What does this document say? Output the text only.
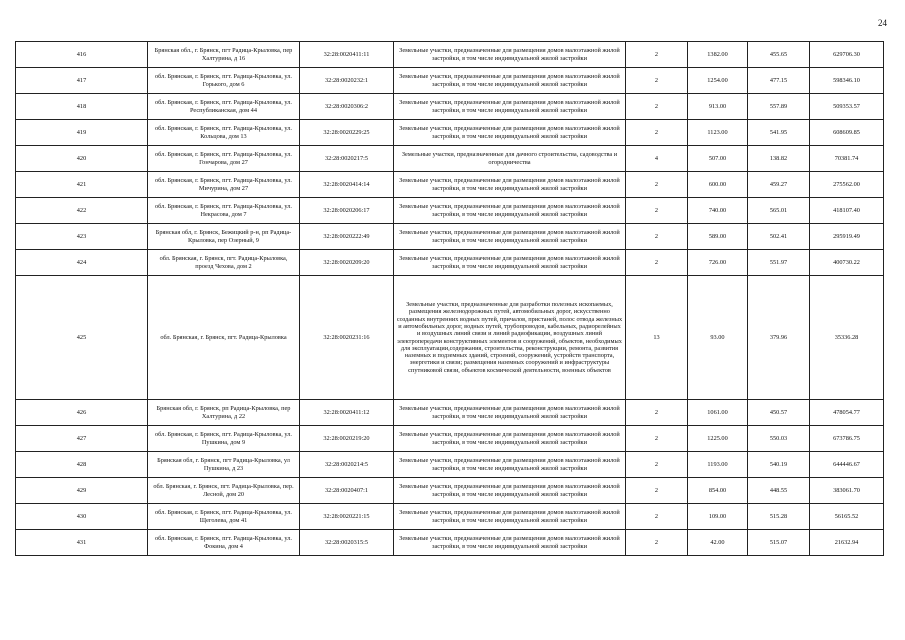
24
416	Брянская обл., г. Брянск, пгт Радица-Крыловка, пер Халтурина, д 16	32:28:0020411:11	Земельные участки, предназначенные для размещения домов малоэтажной жилой застройки, в том числе индивидуальной жилой застройки	2	1382.00	455.65	629706.30
417	обл. Брянская, г. Брянск, пгт. Радица-Крыловка, ул. Горького, дом 6	32:28:0020232:1	Земельные участки, предназначенные для размещения домов малоэтажной жилой застройки, в том числе индивидуальной жилой застройки	2	1254.00	477.15	598346.10
418	обл. Брянская, г. Брянск, пгт. Радица-Крыловка, ул. Республиканская, дом 44	32:28:0020306:2	Земельные участки, предназначенные для размещения домов малоэтажной жилой застройки, в том числе индивидуальной жилой застройки	2	913.00	557.89	509353.57
419	обл. Брянская, г. Брянск, пгт. Радица-Крыловка, ул. Кольцова, дом 13	32:28:0020229:25	Земельные участки, предназначенные для размещения домов малоэтажной жилой застройки, в том числе индивидуальной жилой застройки	2	1123.00	541.95	608609.85
420	обл. Брянская, г. Брянск, пгт. Радица-Крыловка, ул. Гончарова, дом 27	32:28:0020217:5	Земельные участки, предназначенные для дачного строительства, садоводства и огородничества	4	507.00	138.82	70381.74
421	обл. Брянская, г. Брянск, пгт. Радица-Крыловка, ул. Мичурина, дом 27	32:28:0020414:14	Земельные участки, предназначенные для размещения домов малоэтажной жилой застройки, в том числе индивидуальной жилой застройки	2	600.00	459.27	275562.00
422	обл. Брянская, г. Брянск, пгт. Радица-Крыловка, ул. Некрасова, дом 7	32:28:0020206:17	Земельные участки, предназначенные для размещения домов малоэтажной жилой застройки, в том числе индивидуальной жилой застройки	2	740.00	565.01	418107.40
423	Брянская обл, г. Брянск, Бежицкий р-н, рп Радица-Крыловка, пер Озерный, 9	32:28:0020222:49	Земельные участки, предназначенные для размещения домов малоэтажной жилой застройки, в том числе индивидуальной жилой застройки	2	589.00	502.41	295919.49
424	обл. Брянская, г. Брянск, пгт. Радица-Крыловка, проезд Чехова, дом 2	32:28:0020209:20	Земельные участки, предназначенные для размещения домов малоэтажной жилой застройки, в том числе индивидуальной жилой застройки	2	726.00	551.97	400730.22
425	обл. Брянская, г. Брянск, пгт. Радица-Крыловка	32:28:0020231:16	Земельные участки, предназначенные для разработки полезных ископаемых, размещения железнодорожных путей, автомобильных дорог, искусственно созданных внутренних водных путей, причалов, пристаней, полос отвода железных и автомобильных дорог, водных путей, трубопроводов, кабельных, радиорелейных и воздушных линий связи и линий радиофикации, воздушных линий электропередачи конструктивных элементов и сооружений, объектов, необходимых для эксплуатации,содержания, строительства, реконструкции, ремонта, развития наземных и подземных зданий, строений, сооружений, устройств транспорта, энергетики и связи; размещения наземных сооружений и инфраструктуры спутниковой связи, объектов космической деятельности, военных объектов	13	93.00	379.96	35336.28
426	Брянская обл, г. Брянск, рп Радица-Крыловка, пер Халтурина, д 22	32:28:0020411:12	Земельные участки, предназначенные для размещения домов малоэтажной жилой застройки, в том числе индивидуальной жилой застройки	2	1061.00	450.57	478054.77
427	обл. Брянская, г. Брянск, пгт. Радица-Крыловка, ул. Пушкина, дом 9	32:28:0020219:20	Земельные участки, предназначенные для размещения домов малоэтажной жилой застройки, в том числе индивидуальной жилой застройки	2	1225.00	550.03	673786.75
428	Брянская обл, г. Брянск, пгт Радица-Крыловка, ул Пушкина, д 23	32:28:0020214:5	Земельные участки, предназначенные для размещения домов малоэтажной жилой застройки, в том числе индивидуальной жилой застройки	2	1193.00	540.19	644446.67
429	обл. Брянская, г. Брянск, пгт. Радица-Крыловка, пер. Лесной, дом 20	32:28:0020407:1	Земельные участки, предназначенные для размещения домов малоэтажной жилой застройки, в том числе индивидуальной жилой застройки	2	854.00	448.55	383061.70
430	обл. Брянская, г. Брянск, пгт. Радица-Крыловка, ул. Щеголева, дом 41	32:28:0020221:15	Земельные участки, предназначенные для размещения домов малоэтажной жилой застройки, в том числе индивидуальной жилой застройки	2	109.00	515.28	56165.52
431	обл. Брянская, г. Брянск, пгт. Радица-Крыловка, ул. Фокина, дом 4	32:28:0020315:5	Земельные участки, предназначенные для размещения домов малоэтажной жилой застройки, в том числе индивидуальной жилой застройки	2	42.00	515.07	21632.94
